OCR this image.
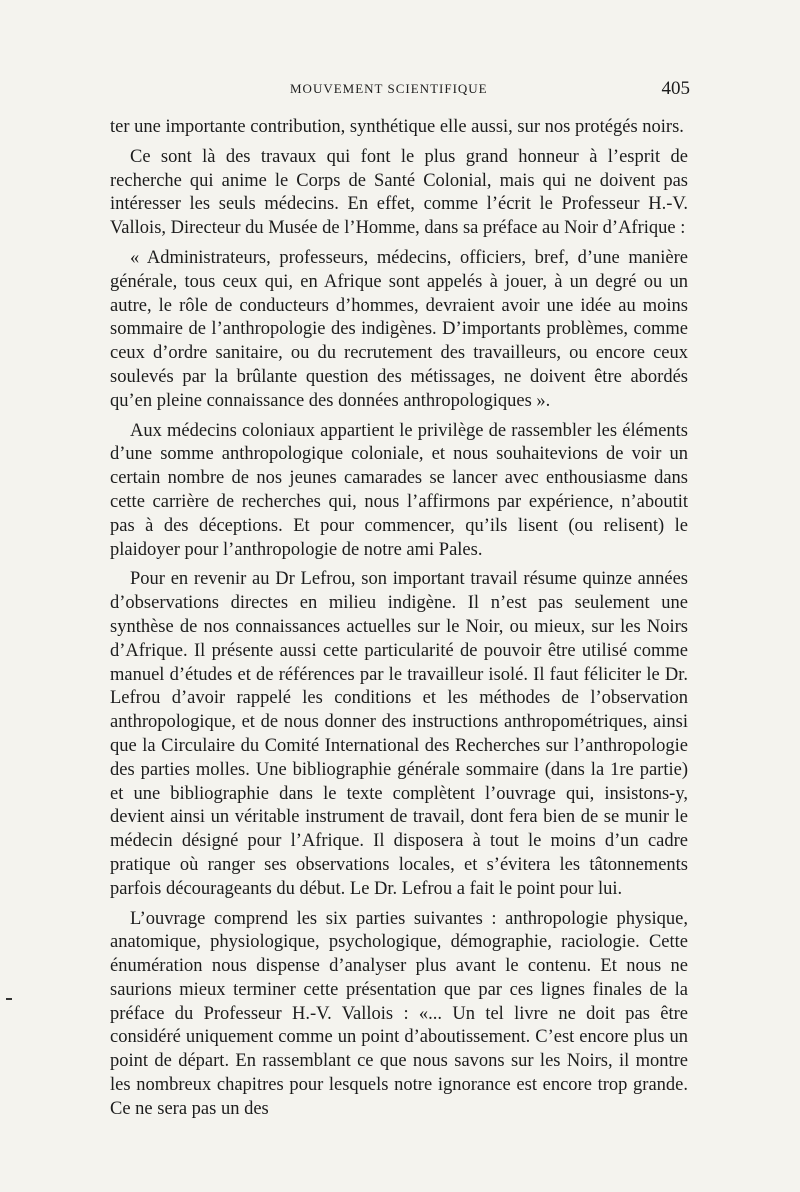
MOUVEMENT SCIENTIFIQUE	405

ter une importante contribution, synthétique elle aussi, sur nos protégés noirs.

Ce sont là des travaux qui font le plus grand honneur à l’esprit de recherche qui anime le Corps de Santé Colonial, mais qui ne doivent pas intéresser les seuls médecins. En effet, comme l’écrit le Professeur H.-V. Vallois, Directeur du Musée de l’Homme, dans sa préface au Noir d’Afrique :

« Administrateurs, professeurs, médecins, officiers, bref, d’une manière générale, tous ceux qui, en Afrique sont appelés à jouer, à un degré ou un autre, le rôle de conducteurs d’hommes, devraient avoir une idée au moins sommaire de l’anthropologie des indigènes. D’importants problèmes, comme ceux d’ordre sanitaire, ou du recrutement des travailleurs, ou encore ceux soulevés par la brûlante question des métissages, ne doivent être abordés qu’en pleine connaissance des données anthropologiques ».

Aux médecins coloniaux appartient le privilège de rassembler les éléments d’une somme anthropologique coloniale, et nous souhaitevions de voir un certain nombre de nos jeunes camarades se lancer avec enthousiasme dans cette carrière de recherches qui, nous l’affirmons par expérience, n’aboutit pas à des déceptions. Et pour commencer, qu’ils lisent (ou relisent) le plaidoyer pour l’anthropologie de notre ami Pales.

Pour en revenir au Dr Lefrou, son important travail résume quinze années d’observations directes en milieu indigène. Il n’est pas seulement une synthèse de nos connaissances actuelles sur le Noir, ou mieux, sur les Noirs d’Afrique. Il présente aussi cette particularité de pouvoir être utilisé comme manuel d’études et de références par le travailleur isolé. Il faut féliciter le Dr. Lefrou d’avoir rappelé les conditions et les méthodes de l’observation anthropologique, et de nous donner des instructions anthropométriques, ainsi que la Circulaire du Comité International des Recherches sur l’anthropologie des parties molles. Une bibliographie générale sommaire (dans la 1re partie) et une bibliographie dans le texte complètent l’ouvrage qui, insistons-y, devient ainsi un véritable instrument de travail, dont fera bien de se munir le médecin désigné pour l’Afrique. Il disposera à tout le moins d’un cadre pratique où ranger ses observations locales, et s’évitera les tâtonnements parfois décourageants du début. Le Dr. Lefrou a fait le point pour lui.

L’ouvrage comprend les six parties suivantes : anthropologie physique, anatomique, physiologique, psychologique, démographie, raciologie. Cette énumération nous dispense d’analyser plus avant le contenu. Et nous ne saurions mieux terminer cette présentation que par ces lignes finales de la préface du Professeur H.-V. Vallois : «... Un tel livre ne doit pas être considéré uniquement comme un point d’aboutissement. C’est encore plus un point de départ. En rassemblant ce que nous savons sur les Noirs, il montre les nombreux chapitres pour lesquels notre ignorance est encore trop grande. Ce ne sera pas un des
